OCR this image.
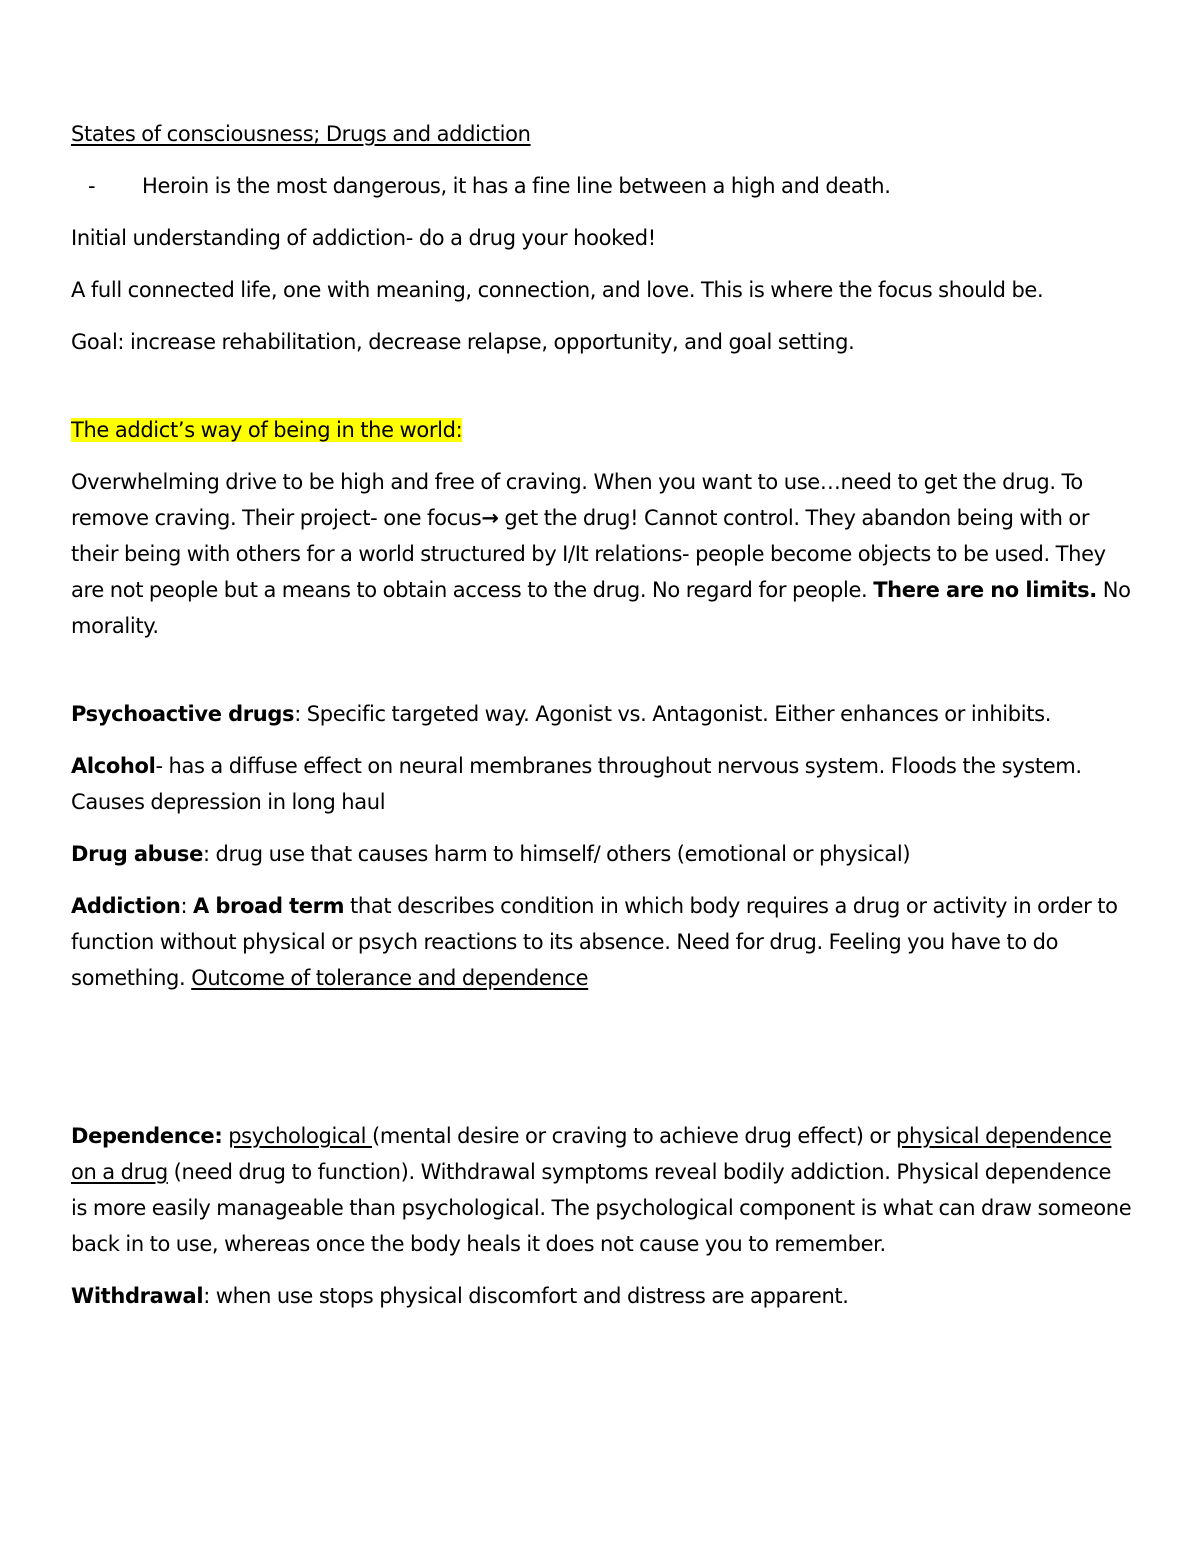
States of consciousness; Drugs and addiction

- Heroin is the most dangerous, it has a fine line between a high and death.

Initial understanding of addiction- do a drug your hooked!

A full connected life, one with meaning, connection, and love. This is where the focus should be.

Goal: increase rehabilitation, decrease relapse, opportunity, and goal setting.

The addict’s way of being in the world:

Overwhelming drive to be high and free of craving. When you want to use…need to get the drug. To remove craving. Their project- one focus→ get the drug! Cannot control. They abandon being with or their being with others for a world structured by I/It relations- people become objects to be used. They are not people but a means to obtain access to the drug. No regard for people. There are no limits. No morality.

Psychoactive drugs: Specific targeted way. Agonist vs. Antagonist. Either enhances or inhibits.

Alcohol- has a diffuse effect on neural membranes throughout nervous system. Floods the system. Causes depression in long haul

Drug abuse: drug use that causes harm to himself/ others (emotional or physical)

Addiction: A broad term that describes condition in which body requires a drug or activity in order to function without physical or psych reactions to its absence. Need for drug. Feeling you have to do something. Outcome of tolerance and dependence

Dependence: psychological (mental desire or craving to achieve drug effect) or physical dependence on a drug (need drug to function). Withdrawal symptoms reveal bodily addiction. Physical dependence is more easily manageable than psychological. The psychological component is what can draw someone back in to use, whereas once the body heals it does not cause you to remember.

Withdrawal: when use stops physical discomfort and distress are apparent.
